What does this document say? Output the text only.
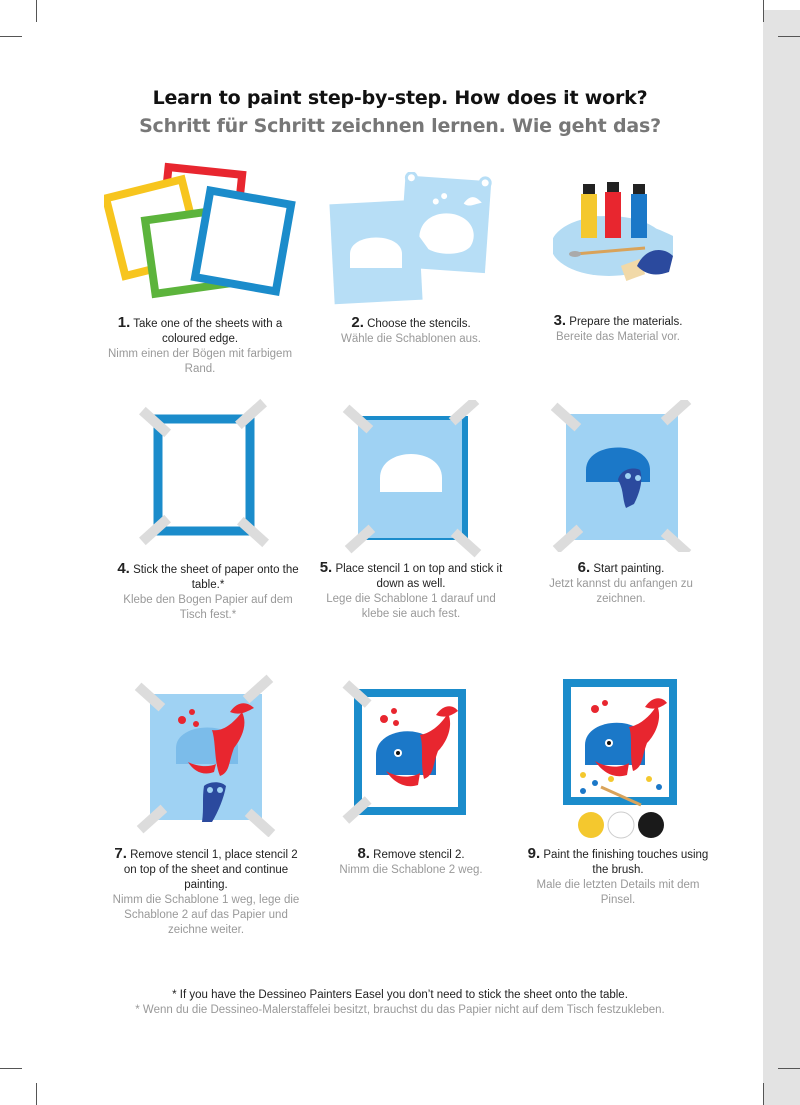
Learn to paint step-by-step. How does it work?
Schritt für Schritt zeichnen lernen. Wie geht das?

1. Take one of the sheets with a coloured edge.

Nimm einen der Bögen mit farbigem Rand.

2. Choose the stencils.

Wähle die Schablonen aus.

3. Prepare the materials.

Bereite das Material vor.

4. Stick the sheet of paper onto the table.*

Klebe den Bogen Papier auf dem Tisch fest.*

5. Place stencil 1 on top and stick it down as well.

Lege die Schablone 1 darauf und klebe sie auch fest.

6. Start painting.

Jetzt kannst du anfangen zu zeichnen.

7. Remove stencil 1, place stencil 2 on top of the sheet and continue painting.

Nimm die Schablone 1 weg, lege die Schablone 2 auf das Papier und zeichne weiter.

8. Remove stencil 2.

Nimm die Schablone 2 weg.

9. Paint the finishing touches using the brush.

Male die letzten Details mit dem Pinsel.

* If you have the Dessineo Painters Easel you don’t need to stick the sheet onto the table.
* Wenn du die Dessineo-Malerstaffelei besitzt, brauchst du das Papier nicht auf dem Tisch festzukleben.
